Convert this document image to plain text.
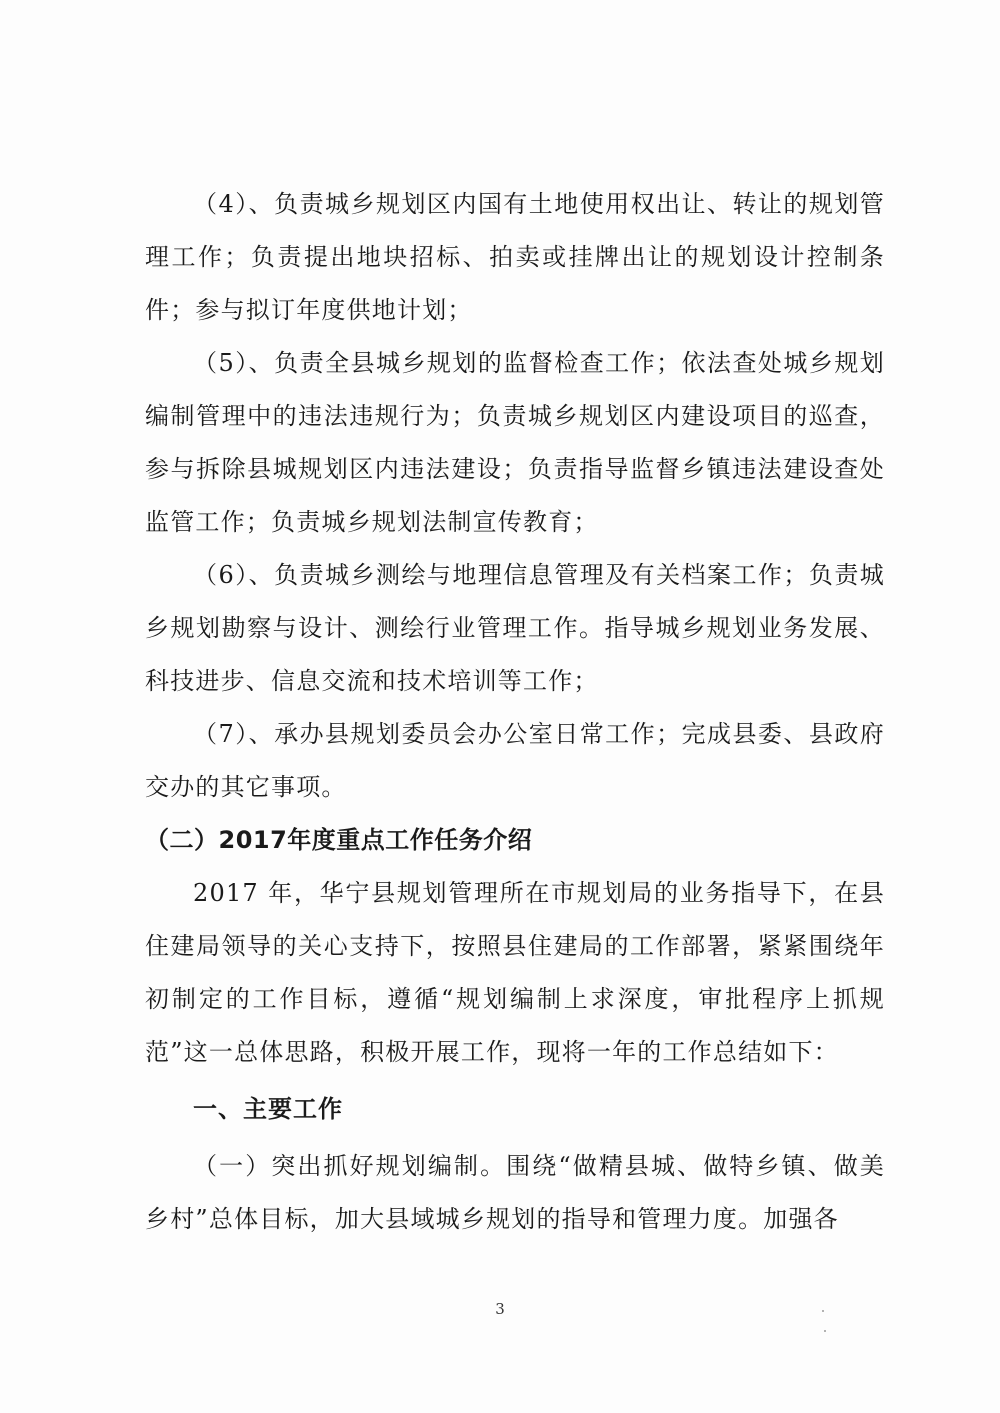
（4）、负责城乡规划区内国有土地使用权出让、转让的规划管理工作；负责提出地块招标、拍卖或挂牌出让的规划设计控制条件；参与拟订年度供地计划；

（5）、负责全县城乡规划的监督检查工作；依法查处城乡规划编制管理中的违法违规行为；负责城乡规划区内建设项目的巡查，参与拆除县城规划区内违法建设；负责指导监督乡镇违法建设查处监管工作；负责城乡规划法制宣传教育；

（6）、负责城乡测绘与地理信息管理及有关档案工作；负责城乡规划勘察与设计、测绘行业管理工作。指导城乡规划业务发展、科技进步、信息交流和技术培训等工作；

（7）、承办县规划委员会办公室日常工作；完成县委、县政府交办的其它事项。

（二）2017年度重点工作任务介绍

2017 年，华宁县规划管理所在市规划局的业务指导下，在县住建局领导的关心支持下，按照县住建局的工作部署，紧紧围绕年初制定的工作目标，遵循“规划编制上求深度，审批程序上抓规范”这一总体思路，积极开展工作，现将一年的工作总结如下：

一、主要工作

（一）突出抓好规划编制。围绕“做精县城、做特乡镇、做美乡村”总体目标，加大县域城乡规划的指导和管理力度。加强各

3
